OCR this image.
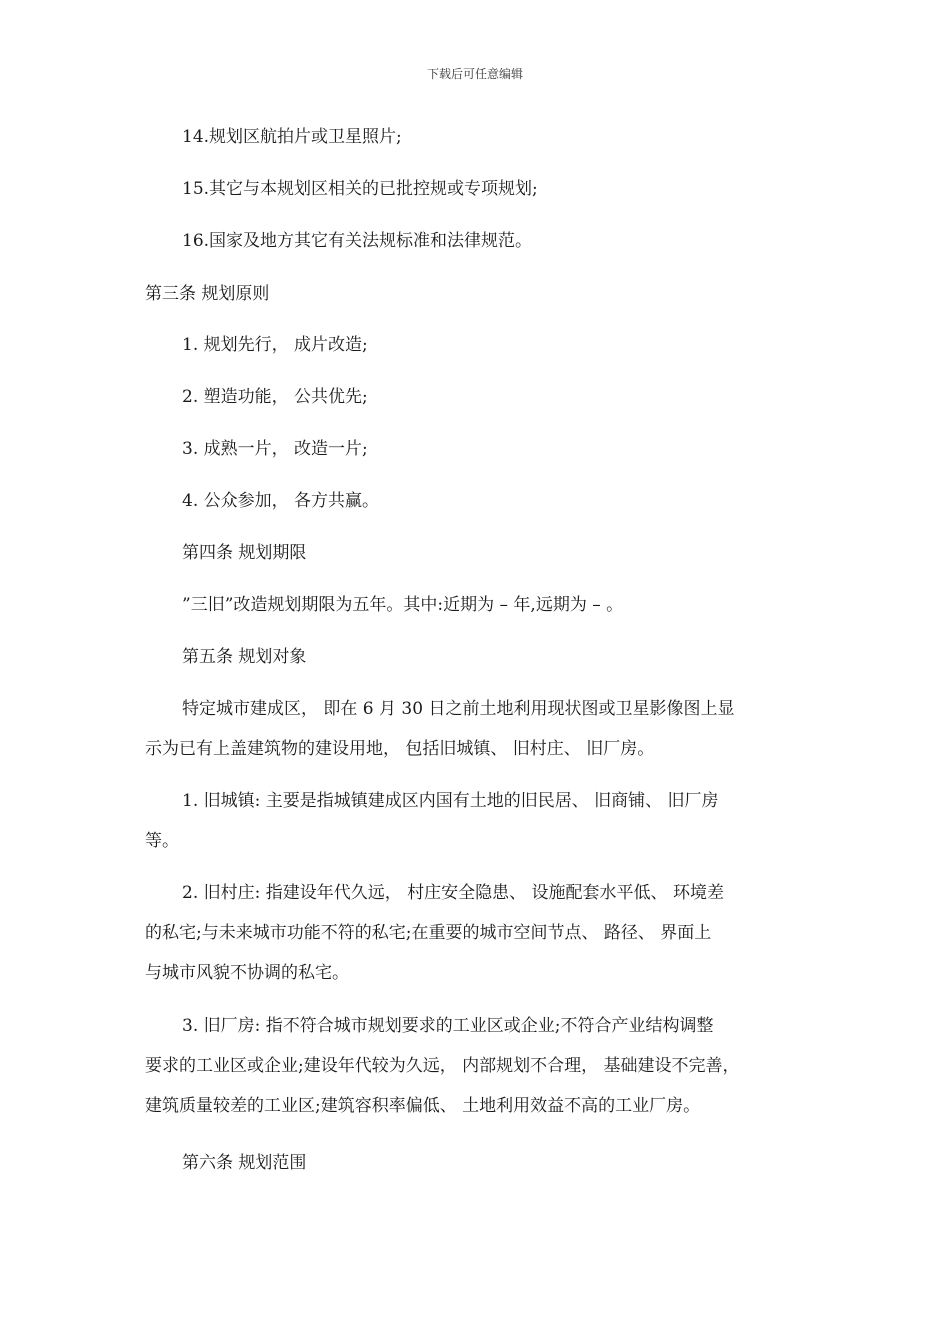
下载后可任意编辑
14.规划区航拍片或卫星照片;
15.其它与本规划区相关的已批控规或专项规划;
16.国家及地方其它有关法规标准和法律规范。
第三条 规划原则
1. 规划先行， 成片改造;
2. 塑造功能， 公共优先;
3. 成熟一片， 改造一片;
4. 公众参加， 各方共赢。
第四条 规划期限
”三旧”改造规划期限为五年。其中:近期为 – 年,远期为 – 。
第五条 规划对象
特定城市建成区， 即在 6 月 30 日之前土地利用现状图或卫星影像图上显
示为已有上盖建筑物的建设用地， 包括旧城镇、 旧村庄、 旧厂房。
1. 旧城镇: 主要是指城镇建成区内国有土地的旧民居、 旧商铺、 旧厂房
等。
2. 旧村庄: 指建设年代久远， 村庄安全隐患、 设施配套水平低、 环境差
的私宅;与未来城市功能不符的私宅;在重要的城市空间节点、 路径、 界面上
与城市风貌不协调的私宅。
3. 旧厂房: 指不符合城市规划要求的工业区或企业;不符合产业结构调整
要求的工业区或企业;建设年代较为久远， 内部规划不合理， 基础建设不完善，
建筑质量较差的工业区;建筑容积率偏低、 土地利用效益不高的工业厂房。
第六条 规划范围
